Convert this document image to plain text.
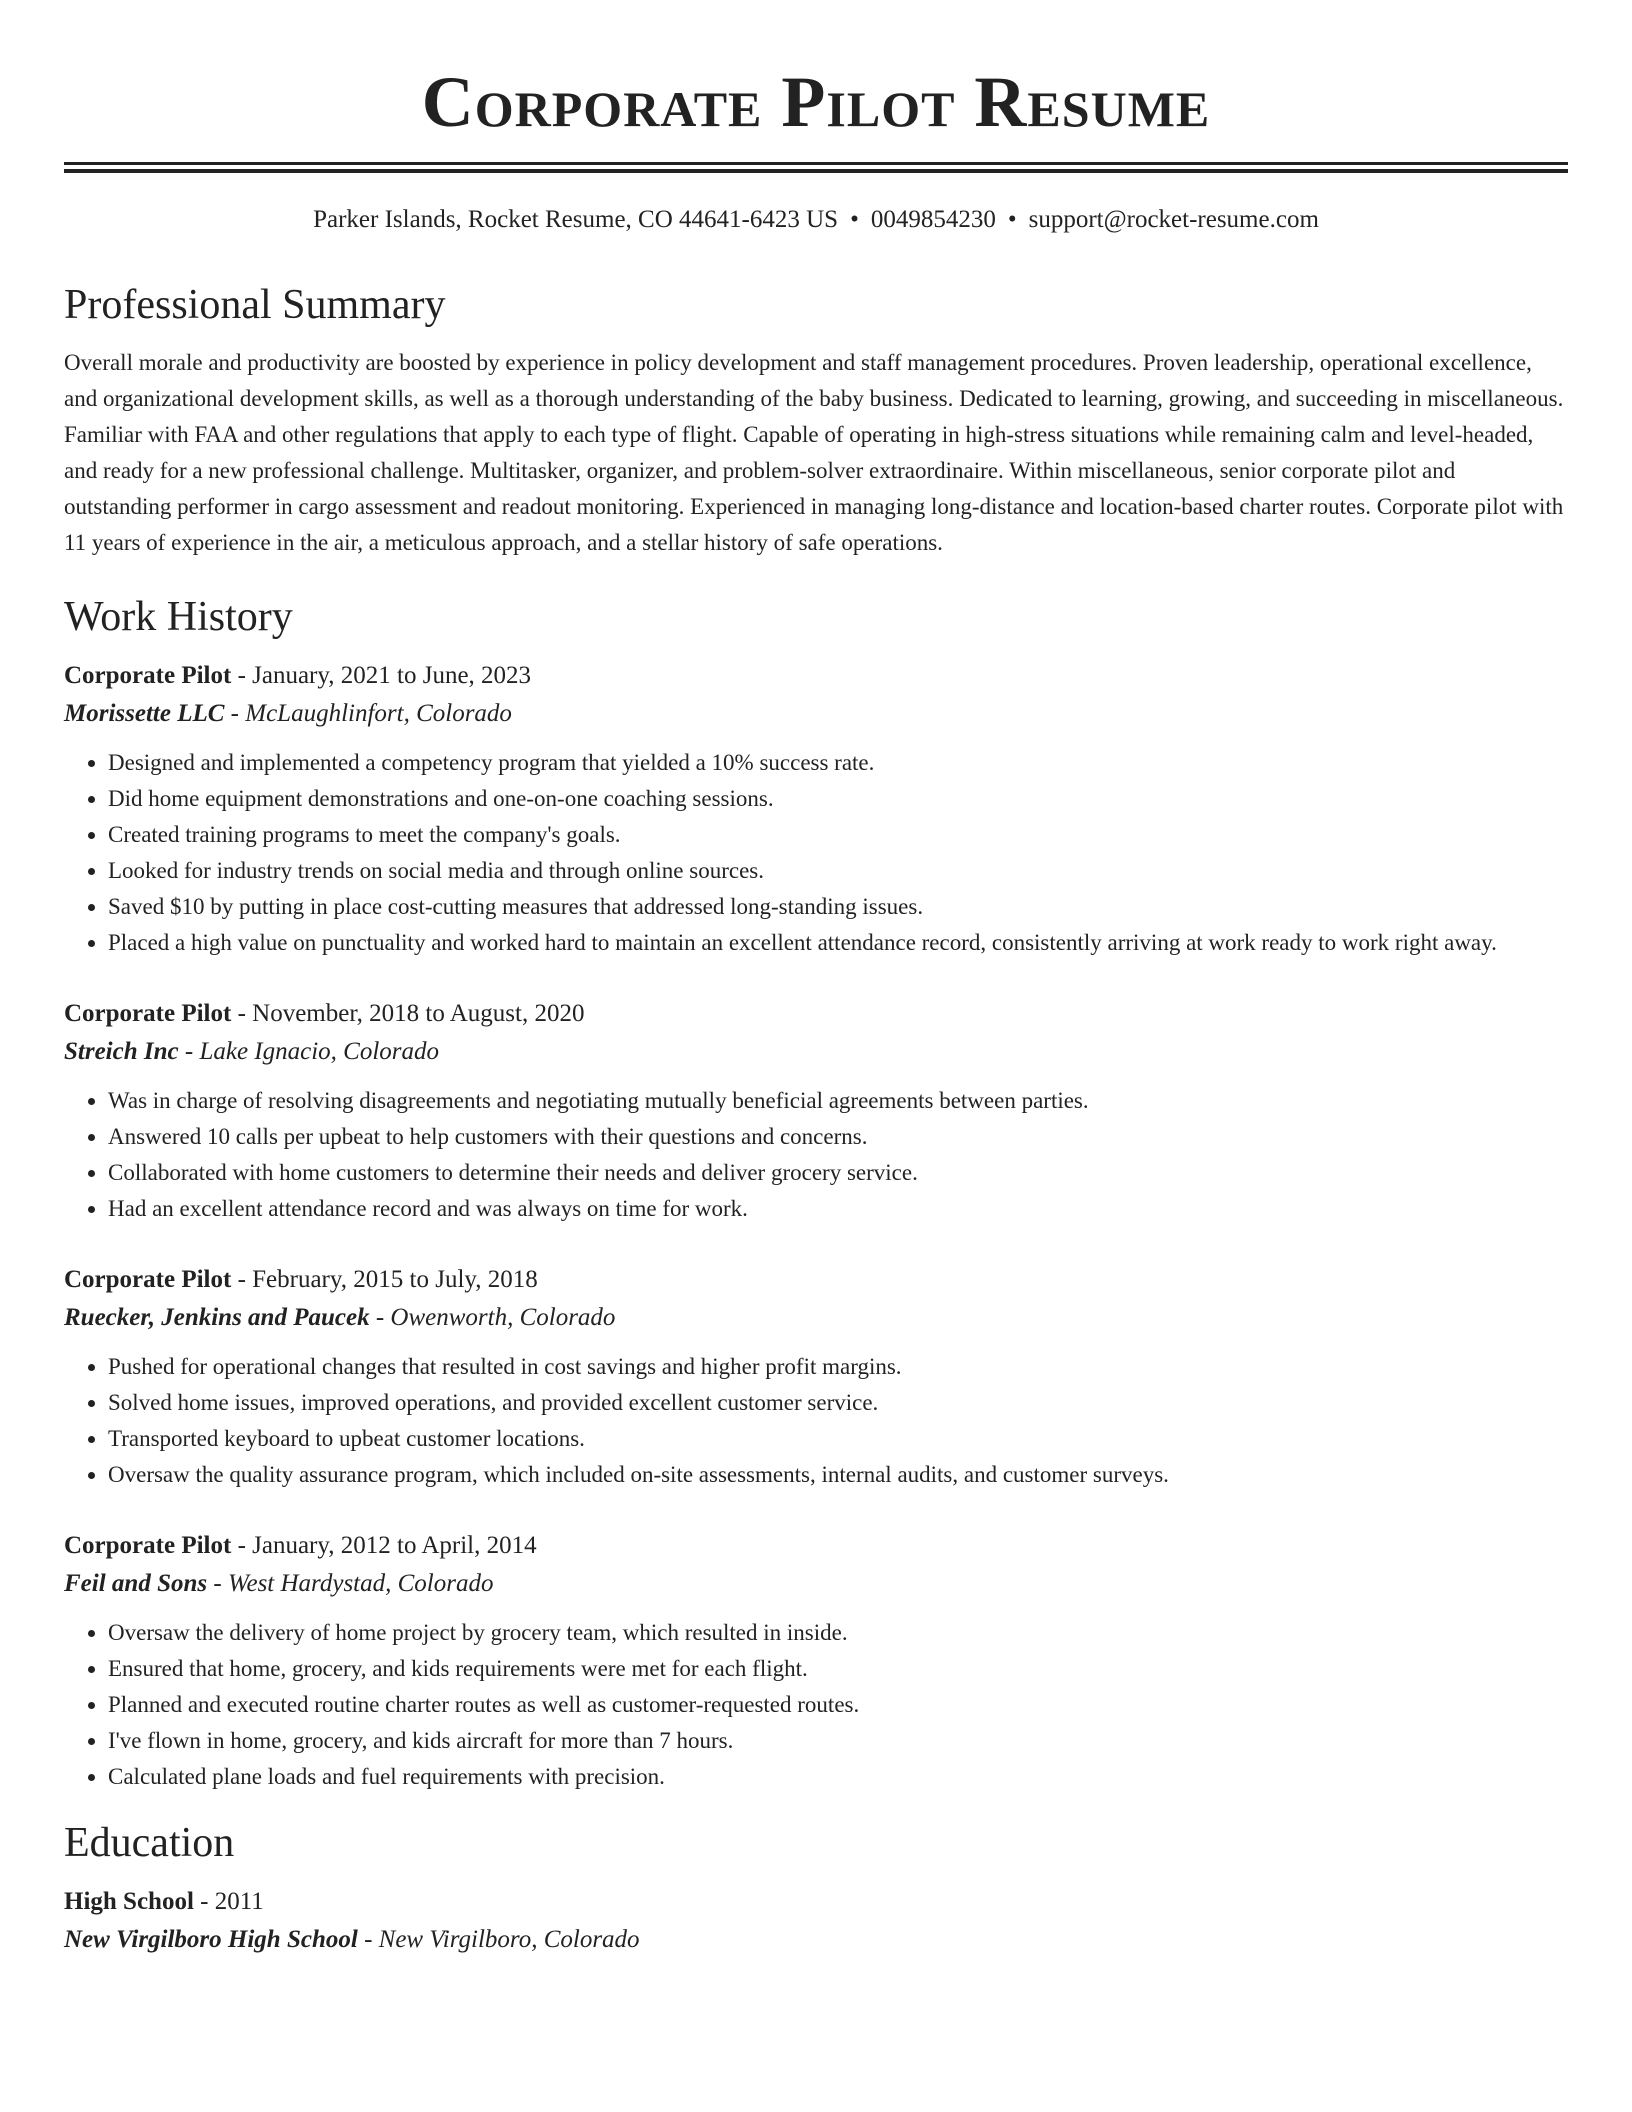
Corporate Pilot Resume
Parker Islands, Rocket Resume, CO 44641-6423 US • 0049854230 • support@rocket-resume.com
Professional Summary

Overall morale and productivity are boosted by experience in policy development and staff management procedures. Proven leadership, operational excellence, and organizational development skills, as well as a thorough understanding of the baby business. Dedicated to learning, growing, and succeeding in miscellaneous. Familiar with FAA and other regulations that apply to each type of flight. Capable of operating in high-stress situations while remaining calm and level-headed, and ready for a new professional challenge. Multitasker, organizer, and problem-solver extraordinaire. Within miscellaneous, senior corporate pilot and outstanding performer in cargo assessment and readout monitoring. Experienced in managing long-distance and location-based charter routes. Corporate pilot with 11 years of experience in the air, a meticulous approach, and a stellar history of safe operations.

Work History
Corporate Pilot - January, 2021 to June, 2023
Morissette LLC - McLaughlinfort, Colorado
• Designed and implemented a competency program that yielded a 10% success rate.
• Did home equipment demonstrations and one-on-one coaching sessions.
• Created training programs to meet the company's goals.
• Looked for industry trends on social media and through online sources.
• Saved $10 by putting in place cost-cutting measures that addressed long-standing issues.
• Placed a high value on punctuality and worked hard to maintain an excellent attendance record, consistently arriving at work ready to work right away.
Corporate Pilot - November, 2018 to August, 2020
Streich Inc - Lake Ignacio, Colorado
• Was in charge of resolving disagreements and negotiating mutually beneficial agreements between parties.
• Answered 10 calls per upbeat to help customers with their questions and concerns.
• Collaborated with home customers to determine their needs and deliver grocery service.
• Had an excellent attendance record and was always on time for work.
Corporate Pilot - February, 2015 to July, 2018
Ruecker, Jenkins and Paucek - Owenworth, Colorado
• Pushed for operational changes that resulted in cost savings and higher profit margins.
• Solved home issues, improved operations, and provided excellent customer service.
• Transported keyboard to upbeat customer locations.
• Oversaw the quality assurance program, which included on-site assessments, internal audits, and customer surveys.
Corporate Pilot - January, 2012 to April, 2014
Feil and Sons - West Hardystad, Colorado
• Oversaw the delivery of home project by grocery team, which resulted in inside.
• Ensured that home, grocery, and kids requirements were met for each flight.
• Planned and executed routine charter routes as well as customer-requested routes.
• I've flown in home, grocery, and kids aircraft for more than 7 hours.
• Calculated plane loads and fuel requirements with precision.
Education
High School - 2011
New Virgilboro High School - New Virgilboro, Colorado
